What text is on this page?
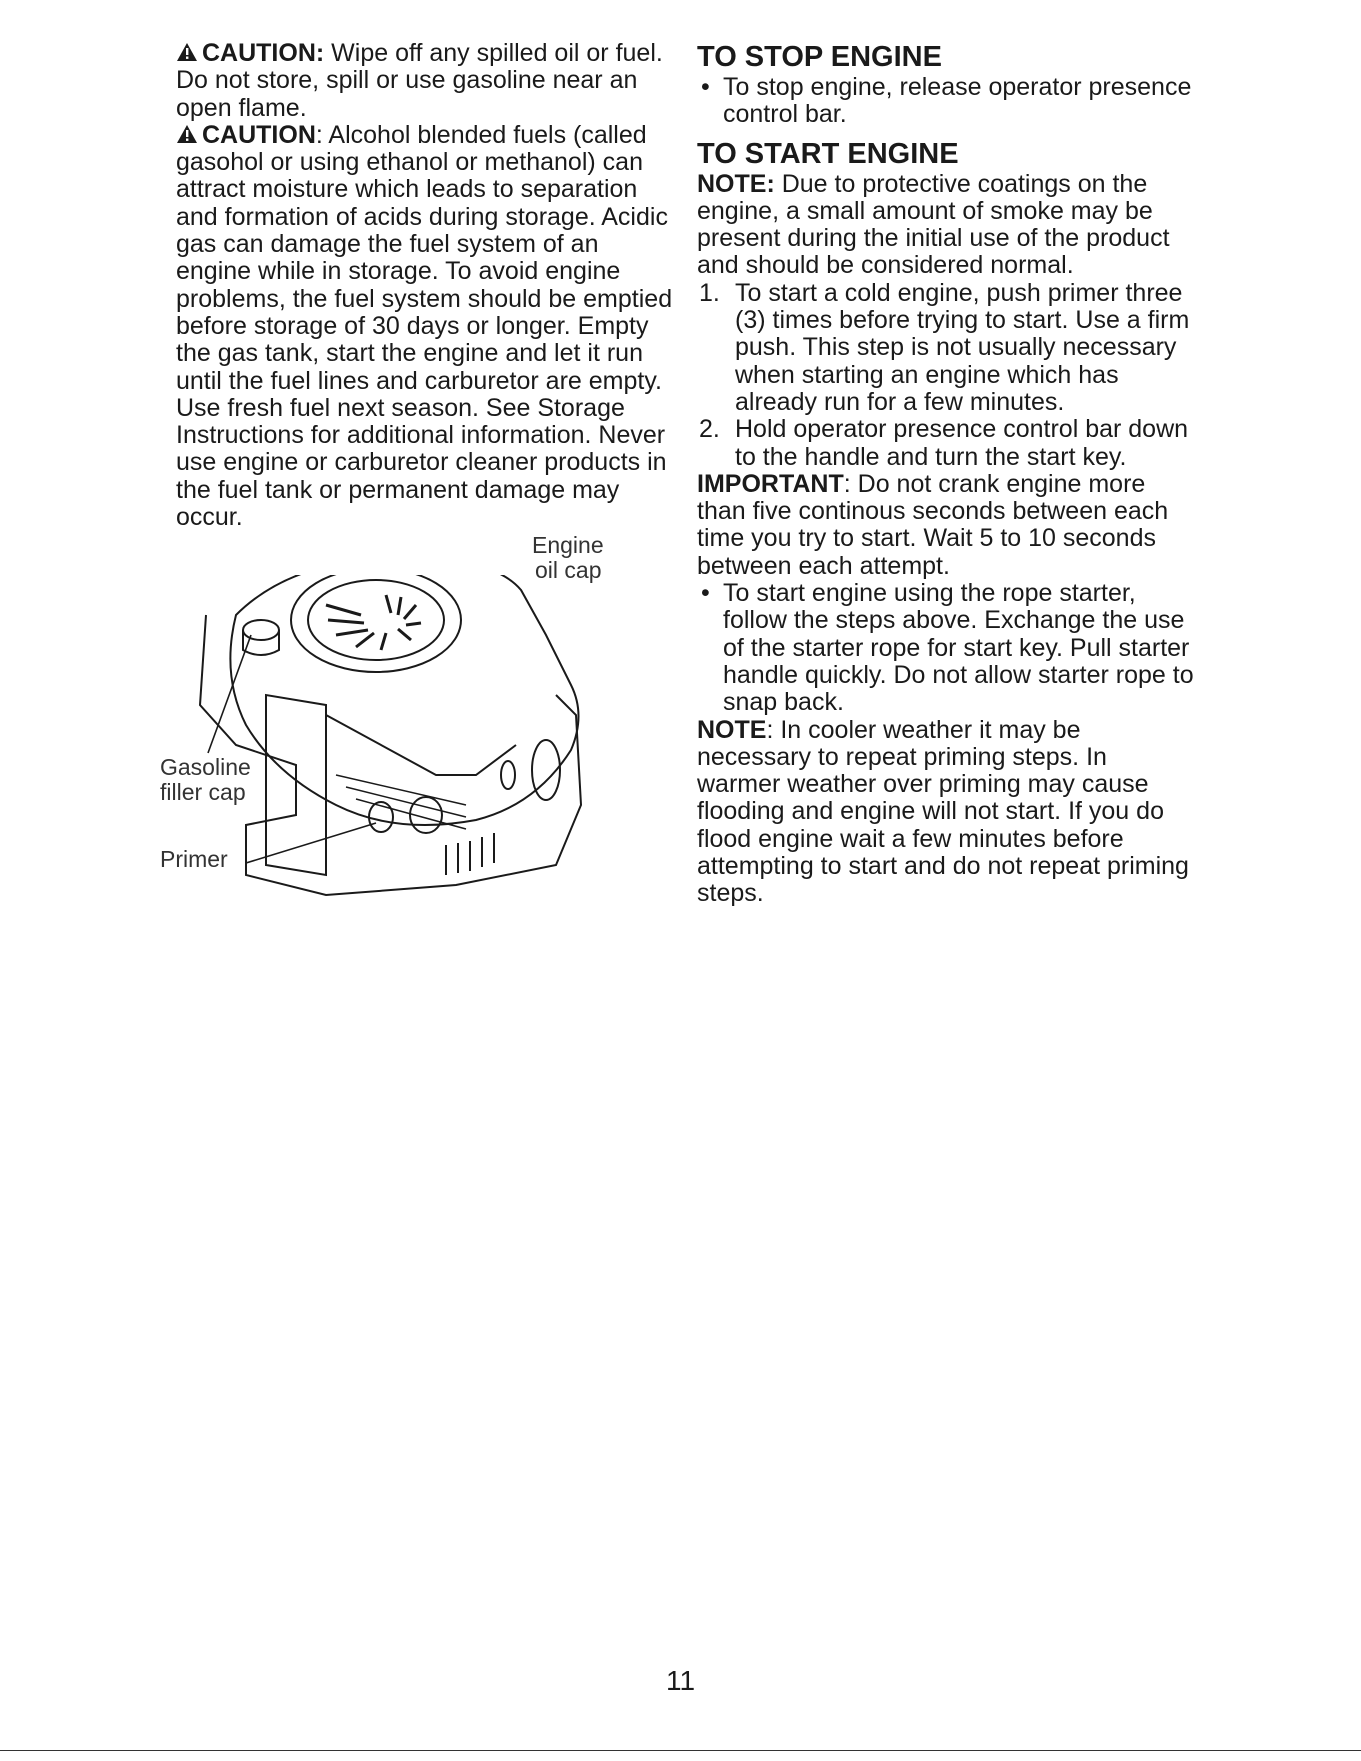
CAUTION: Wipe off any spilled oil or fuel. Do not store, spill or use gasoline near an open flame.

CAUTION: Alcohol blended fuels (called gasohol or using ethanol or methanol) can attract moisture which leads to separation and formation of acids during storage. Acidic gas can damage the fuel system of an engine while in storage. To avoid engine problems, the fuel system should be emptied before storage of 30 days or longer. Empty the gas tank, start the engine and let it run until the fuel lines and carburetor are empty. Use fresh fuel next season. See Storage Instructions for additional information. Never use engine or carburetor cleaner products in the fuel tank or permanent damage may occur.

Engine
oil cap
Gasoline
filler cap
Primer
TO STOP ENGINE

• To stop engine, release operator presence control bar.

TO START ENGINE

NOTE: Due to protective coatings on the engine, a small amount of smoke may be present during the initial use of the product and should be considered normal.

1. To start a cold engine, push primer three (3) times before trying to start. Use a firm push. This step is not usually necessary when starting an engine which has already run for a few minutes.

2. Hold operator presence control bar down to the handle and turn the start key.

IMPORTANT: Do not crank engine more than five continous seconds between each time you try to start. Wait 5 to 10 seconds between each attempt.

• To start engine using the rope starter, follow the steps above. Exchange the use of the starter rope for start key. Pull starter handle quickly. Do not allow starter rope to snap back.

NOTE: In cooler weather it may be necessary to repeat priming steps. In warmer weather over priming may cause flooding and engine will not start. If you do flood engine wait a few minutes before attempting to start and do not repeat priming steps.

11
